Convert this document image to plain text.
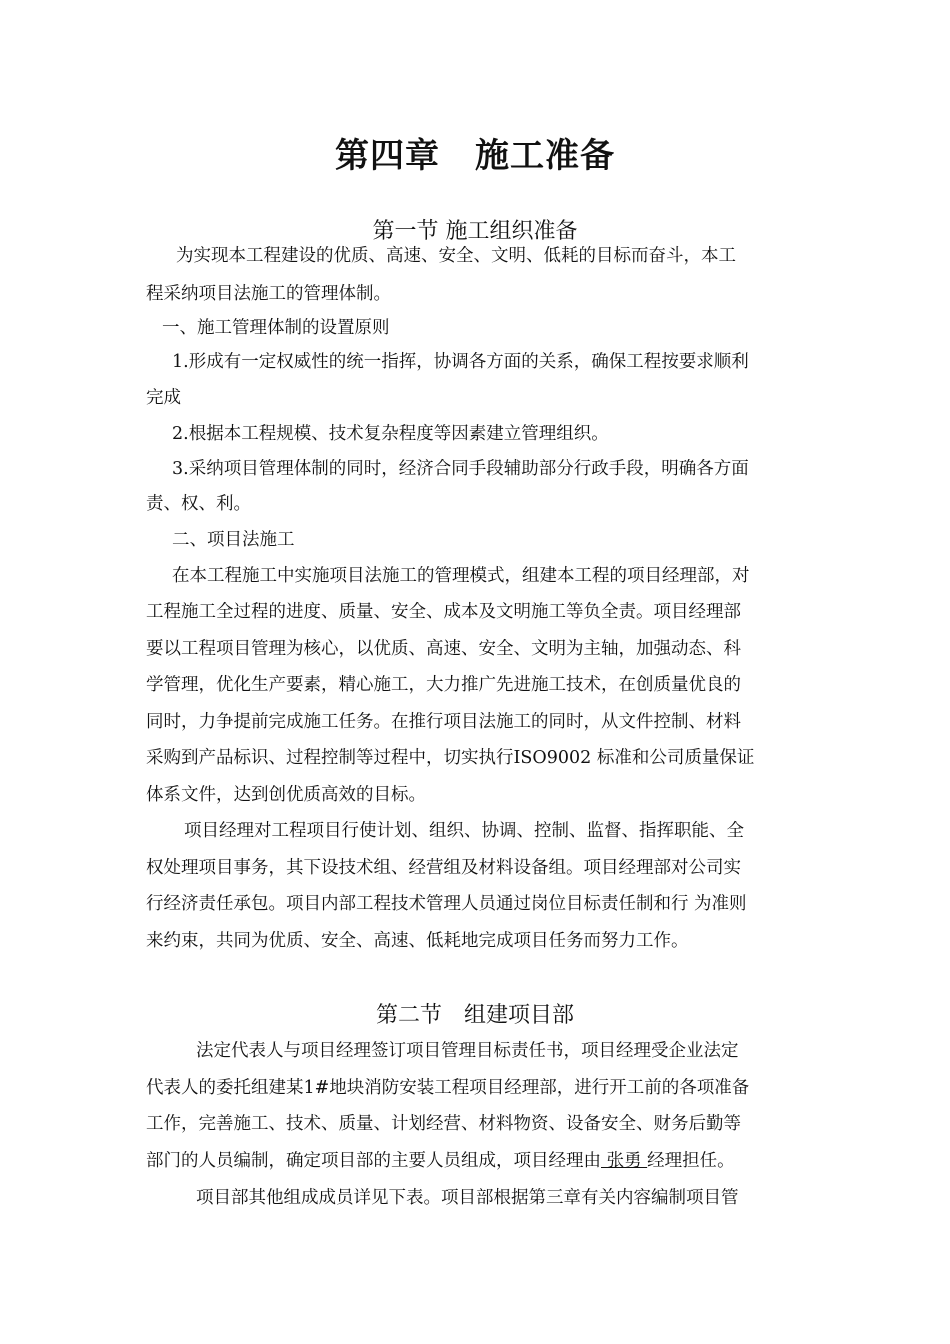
第四章　施工准备
第一节 施工组织准备
为实现本工程建设的优质、高速、安全、文明、低耗的目标而奋斗，本工
程采纳项目法施工的管理体制。
一、施工管理体制的设置原则
1.形成有一定权威性的统一指挥，协调各方面的关系，确保工程按要求顺利
完成
2.根据本工程规模、技术复杂程度等因素建立管理组织。
3.采纳项目管理体制的同时，经济合同手段辅助部分行政手段，明确各方面
责、权、利。
二、项目法施工
在本工程施工中实施项目法施工的管理模式，组建本工程的项目经理部，对
工程施工全过程的进度、质量、安全、成本及文明施工等负全责。项目经理部
要以工程项目管理为核心，以优质、高速、安全、文明为主轴，加强动态、科
学管理，优化生产要素，精心施工，大力推广先进施工技术，在创质量优良的
同时，力争提前完成施工任务。在推行项目法施工的同时，从文件控制、材料
采购到产品标识、过程控制等过程中，切实执行ISO9002 标准和公司质量保证
体系文件，达到创优质高效的目标。
项目经理对工程项目行使计划、组织、协调、控制、监督、指挥职能、全
权处理项目事务，其下设技术组、经营组及材料设备组。项目经理部对公司实
行经济责任承包。项目内部工程技术管理人员通过岗位目标责任制和行 为准则
来约束，共同为优质、安全、高速、低耗地完成项目任务而努力工作。
第二节　组建项目部
法定代表人与项目经理签订项目管理目标责任书，项目经理受企业法定
代表人的委托组建某1#地块消防安装工程项目经理部，进行开工前的各项准备
工作，完善施工、技术、质量、计划经营、材料物资、设备安全、财务后勤等
部门的人员编制，确定项目部的主要人员组成，项目经理由 张勇 经理担任。
项目部其他组成成员详见下表。项目部根据第三章有关内容编制项目管
